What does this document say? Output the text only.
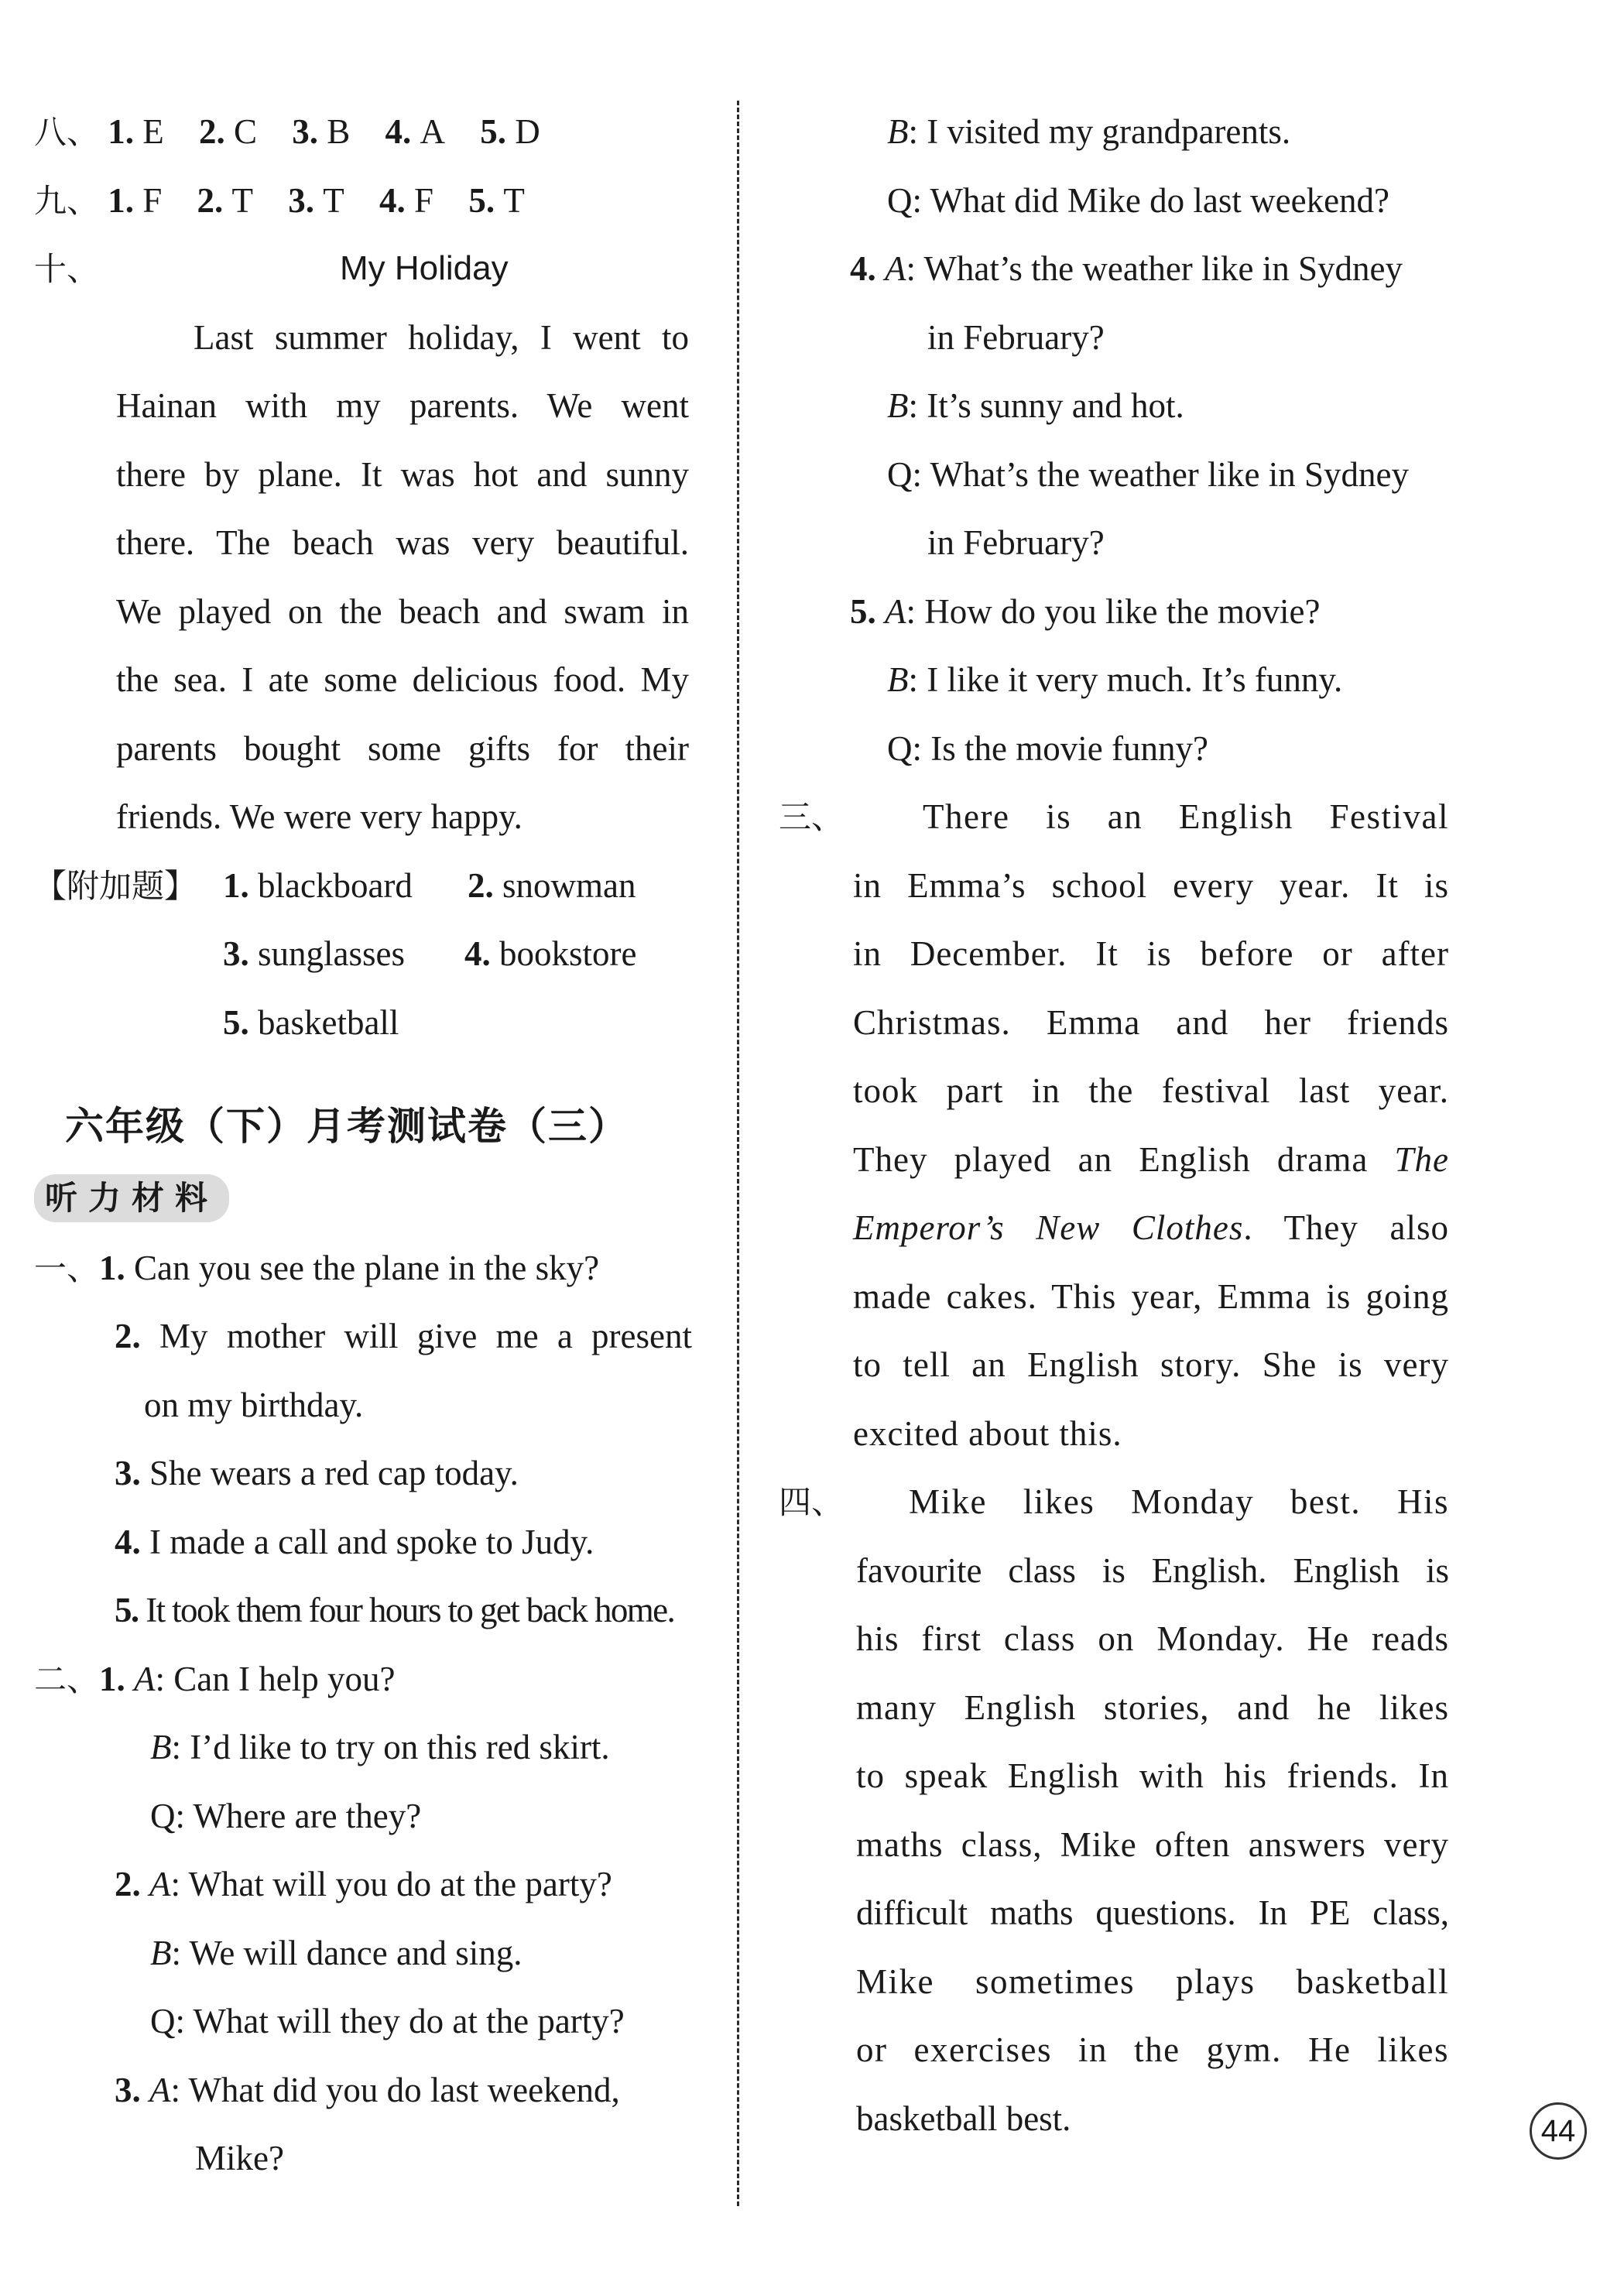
八、 1. E 2. C 3. B 4. A 5. D
九、 1. F 2. T 3. T 4. F 5. T
十、	My Holiday
Last summer holiday, I went to
Hainan with my parents. We went
there by plane. It was hot and sunny
there. The beach was very beautiful.
We played on the beach and swam in
the sea. I ate some delicious food. My
parents bought some gifts for their
friends. We were very happy.
【附加题】 1. blackboard 2. snowman
3. sunglasses 4. bookstore
5. basketball
六年级（下）月考测试卷（三）
听力材料
一、1. Can you see the plane in the sky?
2. My mother will give me a present
on my birthday.
3. She wears a red cap today.
4. I made a call and spoke to Judy.
5. It took them four hours to get back home.
二、1. A: Can I help you?
B: I’d like to try on this red skirt.
Q: Where are they?
2. A: What will you do at the party?
B: We will dance and sing.
Q: What will they do at the party?
3. A: What did you do last weekend,
Mike?
B: I visited my grandparents.
Q: What did Mike do last weekend?
4. A: What’s the weather like in Sydney
in February?
B: It’s sunny and hot.
Q: What’s the weather like in Sydney
in February?
5. A: How do you like the movie?
B: I like it very much. It’s funny.
Q: Is the movie funny?
三、 There is an English Festival
in Emma’s school every year. It is
in December. It is before or after
Christmas. Emma and her friends
took part in the festival last year.
They played an English drama The
Emperor’s New Clothes. They also
made cakes. This year, Emma is going
to tell an English story. She is very
excited about this.
四、 Mike likes Monday best. His
favourite class is English. English is
his first class on Monday. He reads
many English stories, and he likes
to speak English with his friends. In
maths class, Mike often answers very
difficult maths questions. In PE class,
Mike sometimes plays basketball
or exercises in the gym. He likes
basketball best.	44
